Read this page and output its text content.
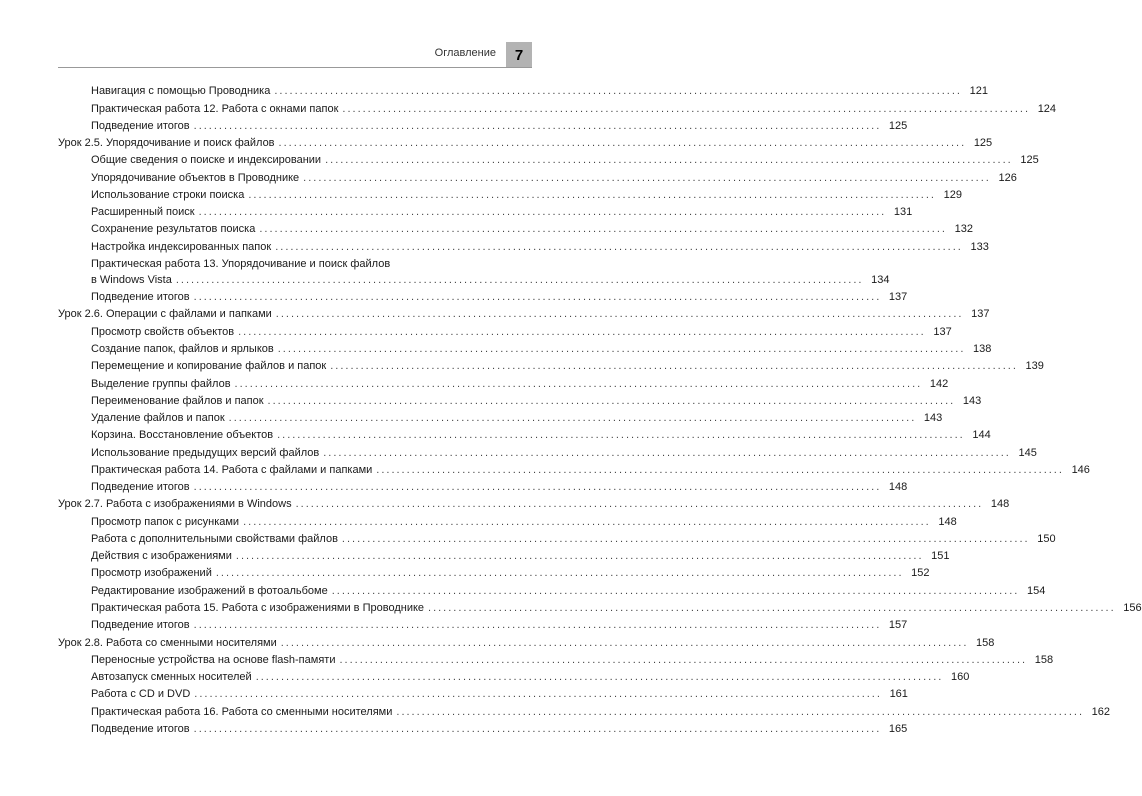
Оглавление	7
Навигация с помощью Проводника ........................................................................................................................................ 121
Практическая работа 12. Работа с окнами папок ........................................................................................................................................ 124
Подведение итогов ........................................................................................................................................ 125
Урок 2.5. Упорядочивание и поиск файлов ........................................................................................................................................ 125
Общие сведения о поиске и индексировании ........................................................................................................................................ 125
Упорядочивание объектов в Проводнике ........................................................................................................................................ 126
Использование строки поиска ........................................................................................................................................ 129
Расширенный поиск ........................................................................................................................................ 131
Сохранение результатов поиска ........................................................................................................................................ 132
Настройка индексированных папок ........................................................................................................................................ 133
Практическая работа 13. Упорядочивание и поиск файлов
в Windows Vista ........................................................................................................................................ 134
Подведение итогов ........................................................................................................................................ 137
Урок 2.6. Операции с файлами и папками ........................................................................................................................................ 137
Просмотр свойств объектов ........................................................................................................................................ 137
Создание папок, файлов и ярлыков ........................................................................................................................................ 138
Перемещение и копирование файлов и папок ........................................................................................................................................ 139
Выделение группы файлов ........................................................................................................................................ 142
Переименование файлов и папок ........................................................................................................................................ 143
Удаление файлов и папок ........................................................................................................................................ 143
Корзина. Восстановление объектов ........................................................................................................................................ 144
Использование предыдущих версий файлов ........................................................................................................................................ 145
Практическая работа 14. Работа с файлами и папками ........................................................................................................................................ 146
Подведение итогов ........................................................................................................................................ 148
Урок 2.7. Работа с изображениями в Windows ........................................................................................................................................ 148
Просмотр папок с рисунками ........................................................................................................................................ 148
Работа с дополнительными свойствами файлов ........................................................................................................................................ 150
Действия с изображениями ........................................................................................................................................ 151
Просмотр изображений ........................................................................................................................................ 152
Редактирование изображений в фотоальбоме ........................................................................................................................................ 154
Практическая работа 15. Работа с изображениями в Проводнике ........................................................................................................................................ 156
Подведение итогов ........................................................................................................................................ 157
Урок 2.8. Работа со сменными носителями ........................................................................................................................................ 158
Переносные устройства на основе flash-памяти ........................................................................................................................................ 158
Автозапуск сменных носителей ........................................................................................................................................ 160
Работа с CD и DVD ........................................................................................................................................ 161
Практическая работа 16. Работа со сменными носителями ........................................................................................................................................ 162
Подведение итогов ........................................................................................................................................ 165
